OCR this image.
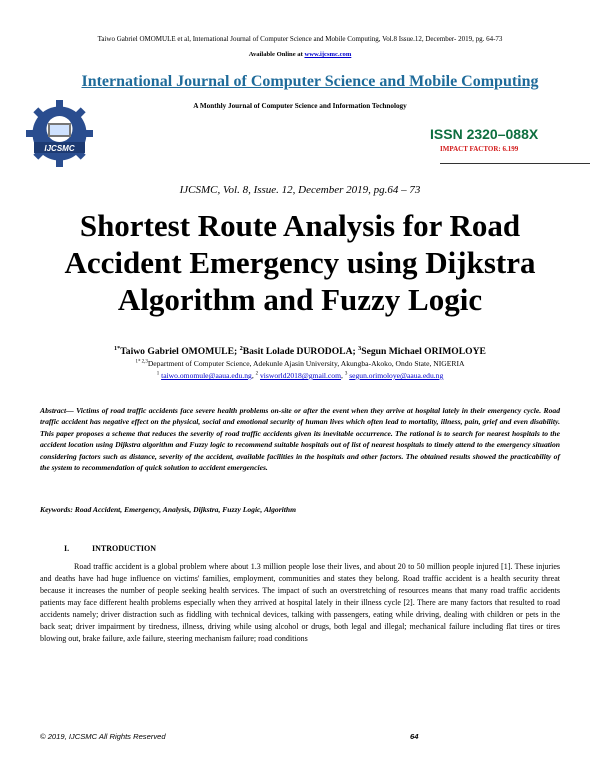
Taiwo Gabriel OMOMULE et al, International Journal of Computer Science and Mobile Computing, Vol.8 Issue.12, December- 2019, pg. 64-73
Available Online at www.ijcsmc.com
IJCSMC
International Journal of Computer Science and Mobile Computing
A Monthly Journal of Computer Science and Information Technology
ISSN 2320–088X
IMPACT FACTOR: 6.199
IJCSMC, Vol. 8, Issue. 12, December 2019, pg.64 – 73
Shortest Route Analysis for Road Accident Emergency using Dijkstra Algorithm and Fuzzy Logic
$^{1*}$Taiwo Gabriel OMOMULE; $^2$Basit Lolade DURODOLA; $^3$Segun Michael ORIMOLOYE
$^{1* 2,3}$Department of Computer Science, Adekunle Ajasin University, Akungba-Akoko, Ondo State, NIGERIA
$^1$ taiwo.omomule@aaua.edu.ng, $^2$ visworld2018@gmail.com, $^3$ segun.orimoloye@aaua.edu.ng
Abstract— Victims of road traffic accidents face severe health problems on-site or after the event when they arrive at hospital lately in their emergency cycle. Road traffic accident has negative effect on the physical, social and emotional security of human lives which often lead to mortality, illness, pain, grief and even disability. This paper proposes a scheme that reduces the severity of road traffic accidents given its inevitable occurrence. The rational is to search for nearest hospitals to the accident location using Dijkstra algorithm and Fuzzy logic to recommend suitable hospitals out of list of nearest hospitals to timely attend to the emergency situation considering factors such as distance, severity of the accident, available facilities in the hospitals and other factors. The obtained results showed the practicability of the system to recommendation of quick solution to accident emergencies.
Keywords: Road Accident, Emergency, Analysis, Dijkstra, Fuzzy Logic, Algorithm
I.	INTRODUCTION
Road traffic accident is a global problem where about 1.3 million people lose their lives, and about 20 to 50 million people injured [1]. These injuries and deaths have had huge influence on victims' families, employment, communities and states they belong. Road traffic accident is a health security threat because it increases the number of people seeking health services. The impact of such an overstretching of resources means that many road traffic accidents patients may face different health problems especially when they arrived at hospital lately in their illness cycle [2]. There are many factors that resulted to road accidents namely; driver distraction such as fiddling with technical devices, talking with passengers, eating while driving, dealing with children or pets in the back seat; driver impairment by tiredness, illness, driving while using alcohol or drugs, both legal and illegal; mechanical failure including flat tires or tires blowing out, brake failure, axle failure, steering mechanism failure; road conditions
© 2019, IJCSMC All Rights Reserved	64
